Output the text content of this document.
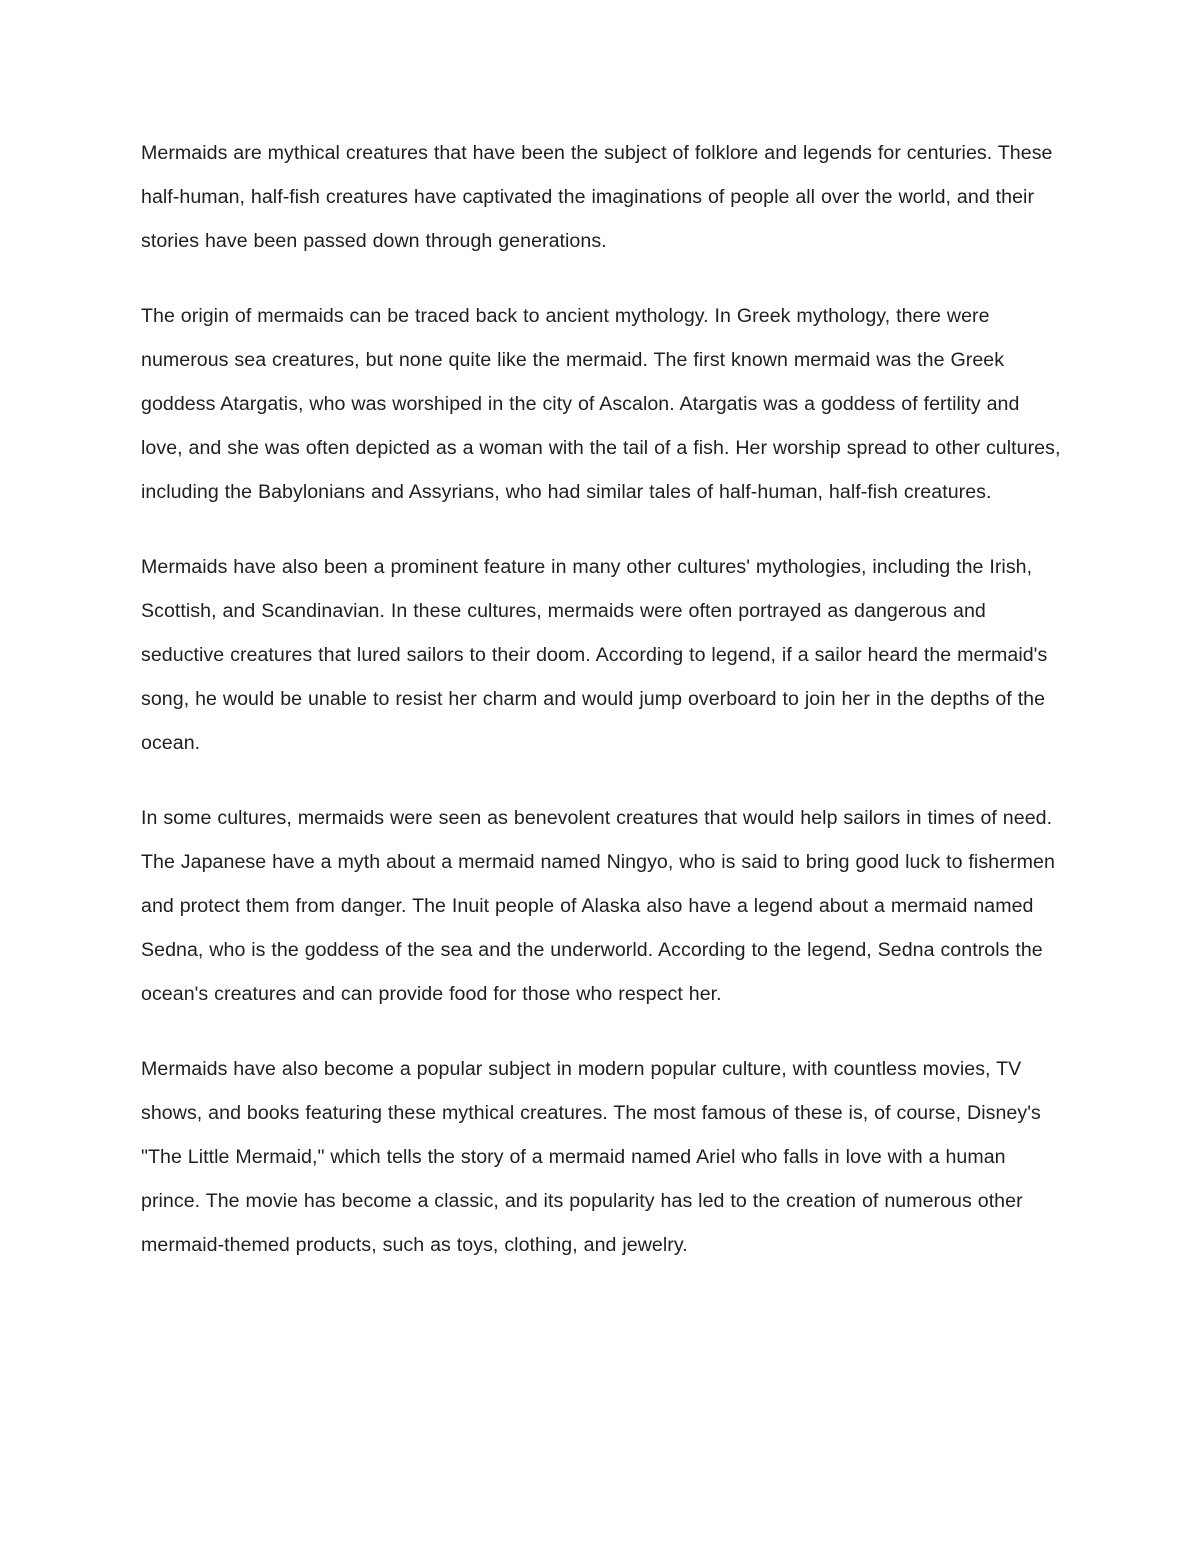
Mermaids are mythical creatures that have been the subject of folklore and legends for centuries. These half-human, half-fish creatures have captivated the imaginations of people all over the world, and their stories have been passed down through generations.

The origin of mermaids can be traced back to ancient mythology. In Greek mythology, there were numerous sea creatures, but none quite like the mermaid. The first known mermaid was the Greek goddess Atargatis, who was worshiped in the city of Ascalon. Atargatis was a goddess of fertility and love, and she was often depicted as a woman with the tail of a fish. Her worship spread to other cultures, including the Babylonians and Assyrians, who had similar tales of half-human, half-fish creatures.

Mermaids have also been a prominent feature in many other cultures' mythologies, including the Irish, Scottish, and Scandinavian. In these cultures, mermaids were often portrayed as dangerous and seductive creatures that lured sailors to their doom. According to legend, if a sailor heard the mermaid's song, he would be unable to resist her charm and would jump overboard to join her in the depths of the ocean.

In some cultures, mermaids were seen as benevolent creatures that would help sailors in times of need. The Japanese have a myth about a mermaid named Ningyo, who is said to bring good luck to fishermen and protect them from danger. The Inuit people of Alaska also have a legend about a mermaid named Sedna, who is the goddess of the sea and the underworld. According to the legend, Sedna controls the ocean's creatures and can provide food for those who respect her.

Mermaids have also become a popular subject in modern popular culture, with countless movies, TV shows, and books featuring these mythical creatures. The most famous of these is, of course, Disney's "The Little Mermaid," which tells the story of a mermaid named Ariel who falls in love with a human prince. The movie has become a classic, and its popularity has led to the creation of numerous other mermaid-themed products, such as toys, clothing, and jewelry.
